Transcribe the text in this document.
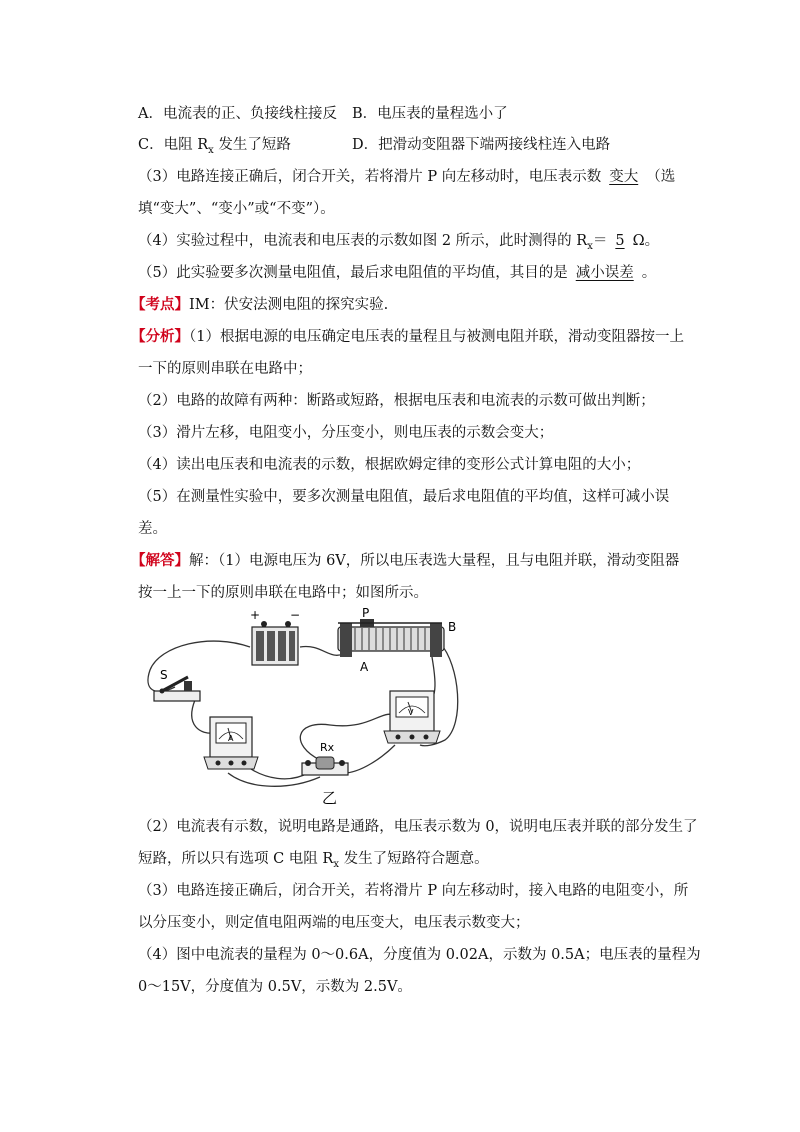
A．电流表的正、负接线柱接反 B．电压表的量程选小了
C．电阻 $R_x$ 发生了短路	D．把滑动变阻器下端两接线柱连入电路
（3）电路连接正确后，闭合开关，若将滑片 P 向左移动时，电压表示数 变大 （选
填“变大”、“变小”或“不变”）。
（4）实验过程中，电流表和电压表的示数如图 2 所示，此时测得的 $R_x= 5$ Ω。
（5）此实验要多次测量电阻值，最后求电阻值的平均值，其目的是 减小误差 。
【考点】IM：伏安法测电阻的探究实验.
【分析】（1）根据电源的电压确定电压表的量程且与被测电阻并联，滑动变阻器按一上
一下的原则串联在电路中；
（2）电路的故障有两种：断路或短路，根据电压表和电流表的示数可做出判断；
（3）滑片左移，电阻变小，分压变小，则电压表的示数会变大；
（4）读出电压表和电流表的示数，根据欧姆定律的变形公式计算电阻的大小；
（5）在测量性实验中，要多次测量电阻值，最后求电阻值的平均值，这样可减小误
差。
【解答】解：（1）电源电压为 6V，所以电压表选大量程，且与电阻并联，滑动变阻器
按一上一下的原则串联在电路中；如图所示。
+ −	P
A
B
S
V
A
Rx
乙
（2）电流表有示数，说明电路是通路，电压表示数为 0，说明电压表并联的部分发生了
短路，所以只有选项 C 电阻 $R_x$ 发生了短路符合题意。
（3）电路连接正确后，闭合开关，若将滑片 P 向左移动时，接入电路的电阻变小，所
以分压变小，则定值电阻两端的电压变大，电压表示数变大；
（4）图中电流表的量程为 0～0.6A，分度值为 0.02A，示数为 0.5A；电压表的量程为
0～15V，分度值为 0.5V，示数为 2.5V。
